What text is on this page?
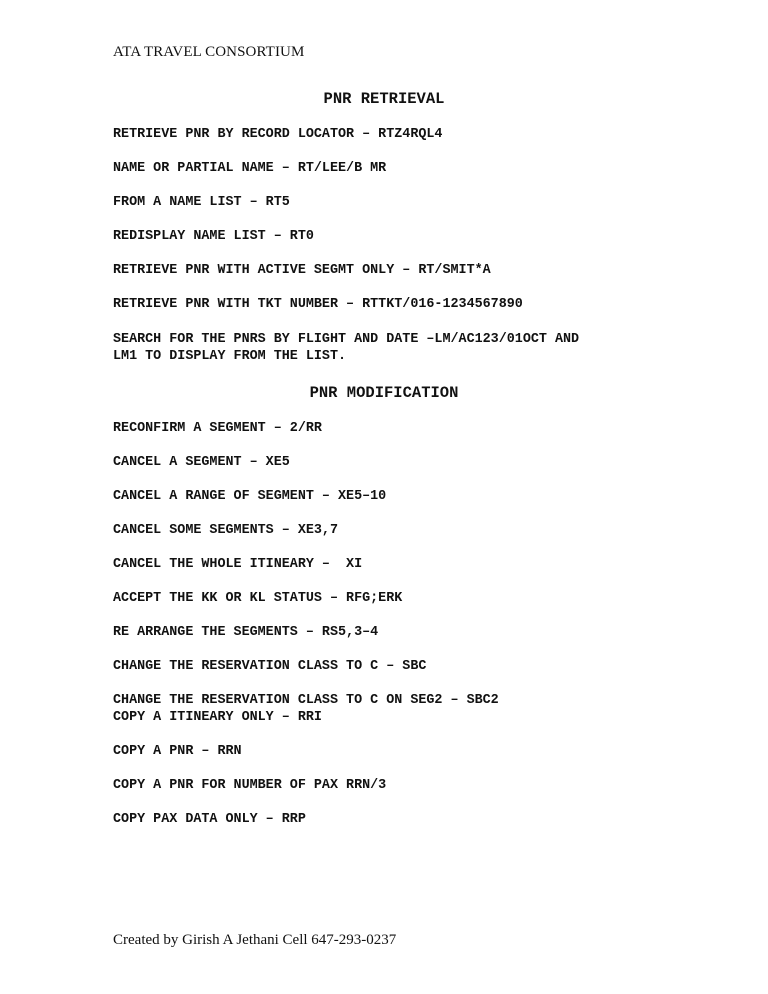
ATA TRAVEL CONSORTIUM
PNR RETRIEVAL
RETRIEVE PNR BY RECORD LOCATOR – RTZ4RQL4
NAME OR PARTIAL NAME – RT/LEE/B MR
FROM A NAME LIST – RT5
REDISPLAY NAME LIST – RT0
RETRIEVE PNR WITH ACTIVE SEGMT ONLY – RT/SMIT*A
RETRIEVE PNR WITH TKT NUMBER – RTTKT/016-1234567890
SEARCH FOR THE PNRS BY FLIGHT AND DATE –LM/AC123/01OCT AND
LM1 TO DISPLAY FROM THE LIST.
PNR MODIFICATION
RECONFIRM A SEGMENT – 2/RR
CANCEL A SEGMENT – XE5
CANCEL A RANGE OF SEGMENT – XE5–10
CANCEL SOME SEGMENTS – XE3,7
CANCEL THE WHOLE ITINEARY –  XI
ACCEPT THE KK OR KL STATUS – RFG;ERK
RE ARRANGE THE SEGMENTS – RS5,3–4
CHANGE THE RESERVATION CLASS TO C – SBC
CHANGE THE RESERVATION CLASS TO C ON SEG2 – SBC2
COPY A ITINEARY ONLY – RRI
COPY A PNR – RRN
COPY A PNR FOR NUMBER OF PAX RRN/3
COPY PAX DATA ONLY – RRP
Created by Girish A Jethani Cell 647-293-0237
